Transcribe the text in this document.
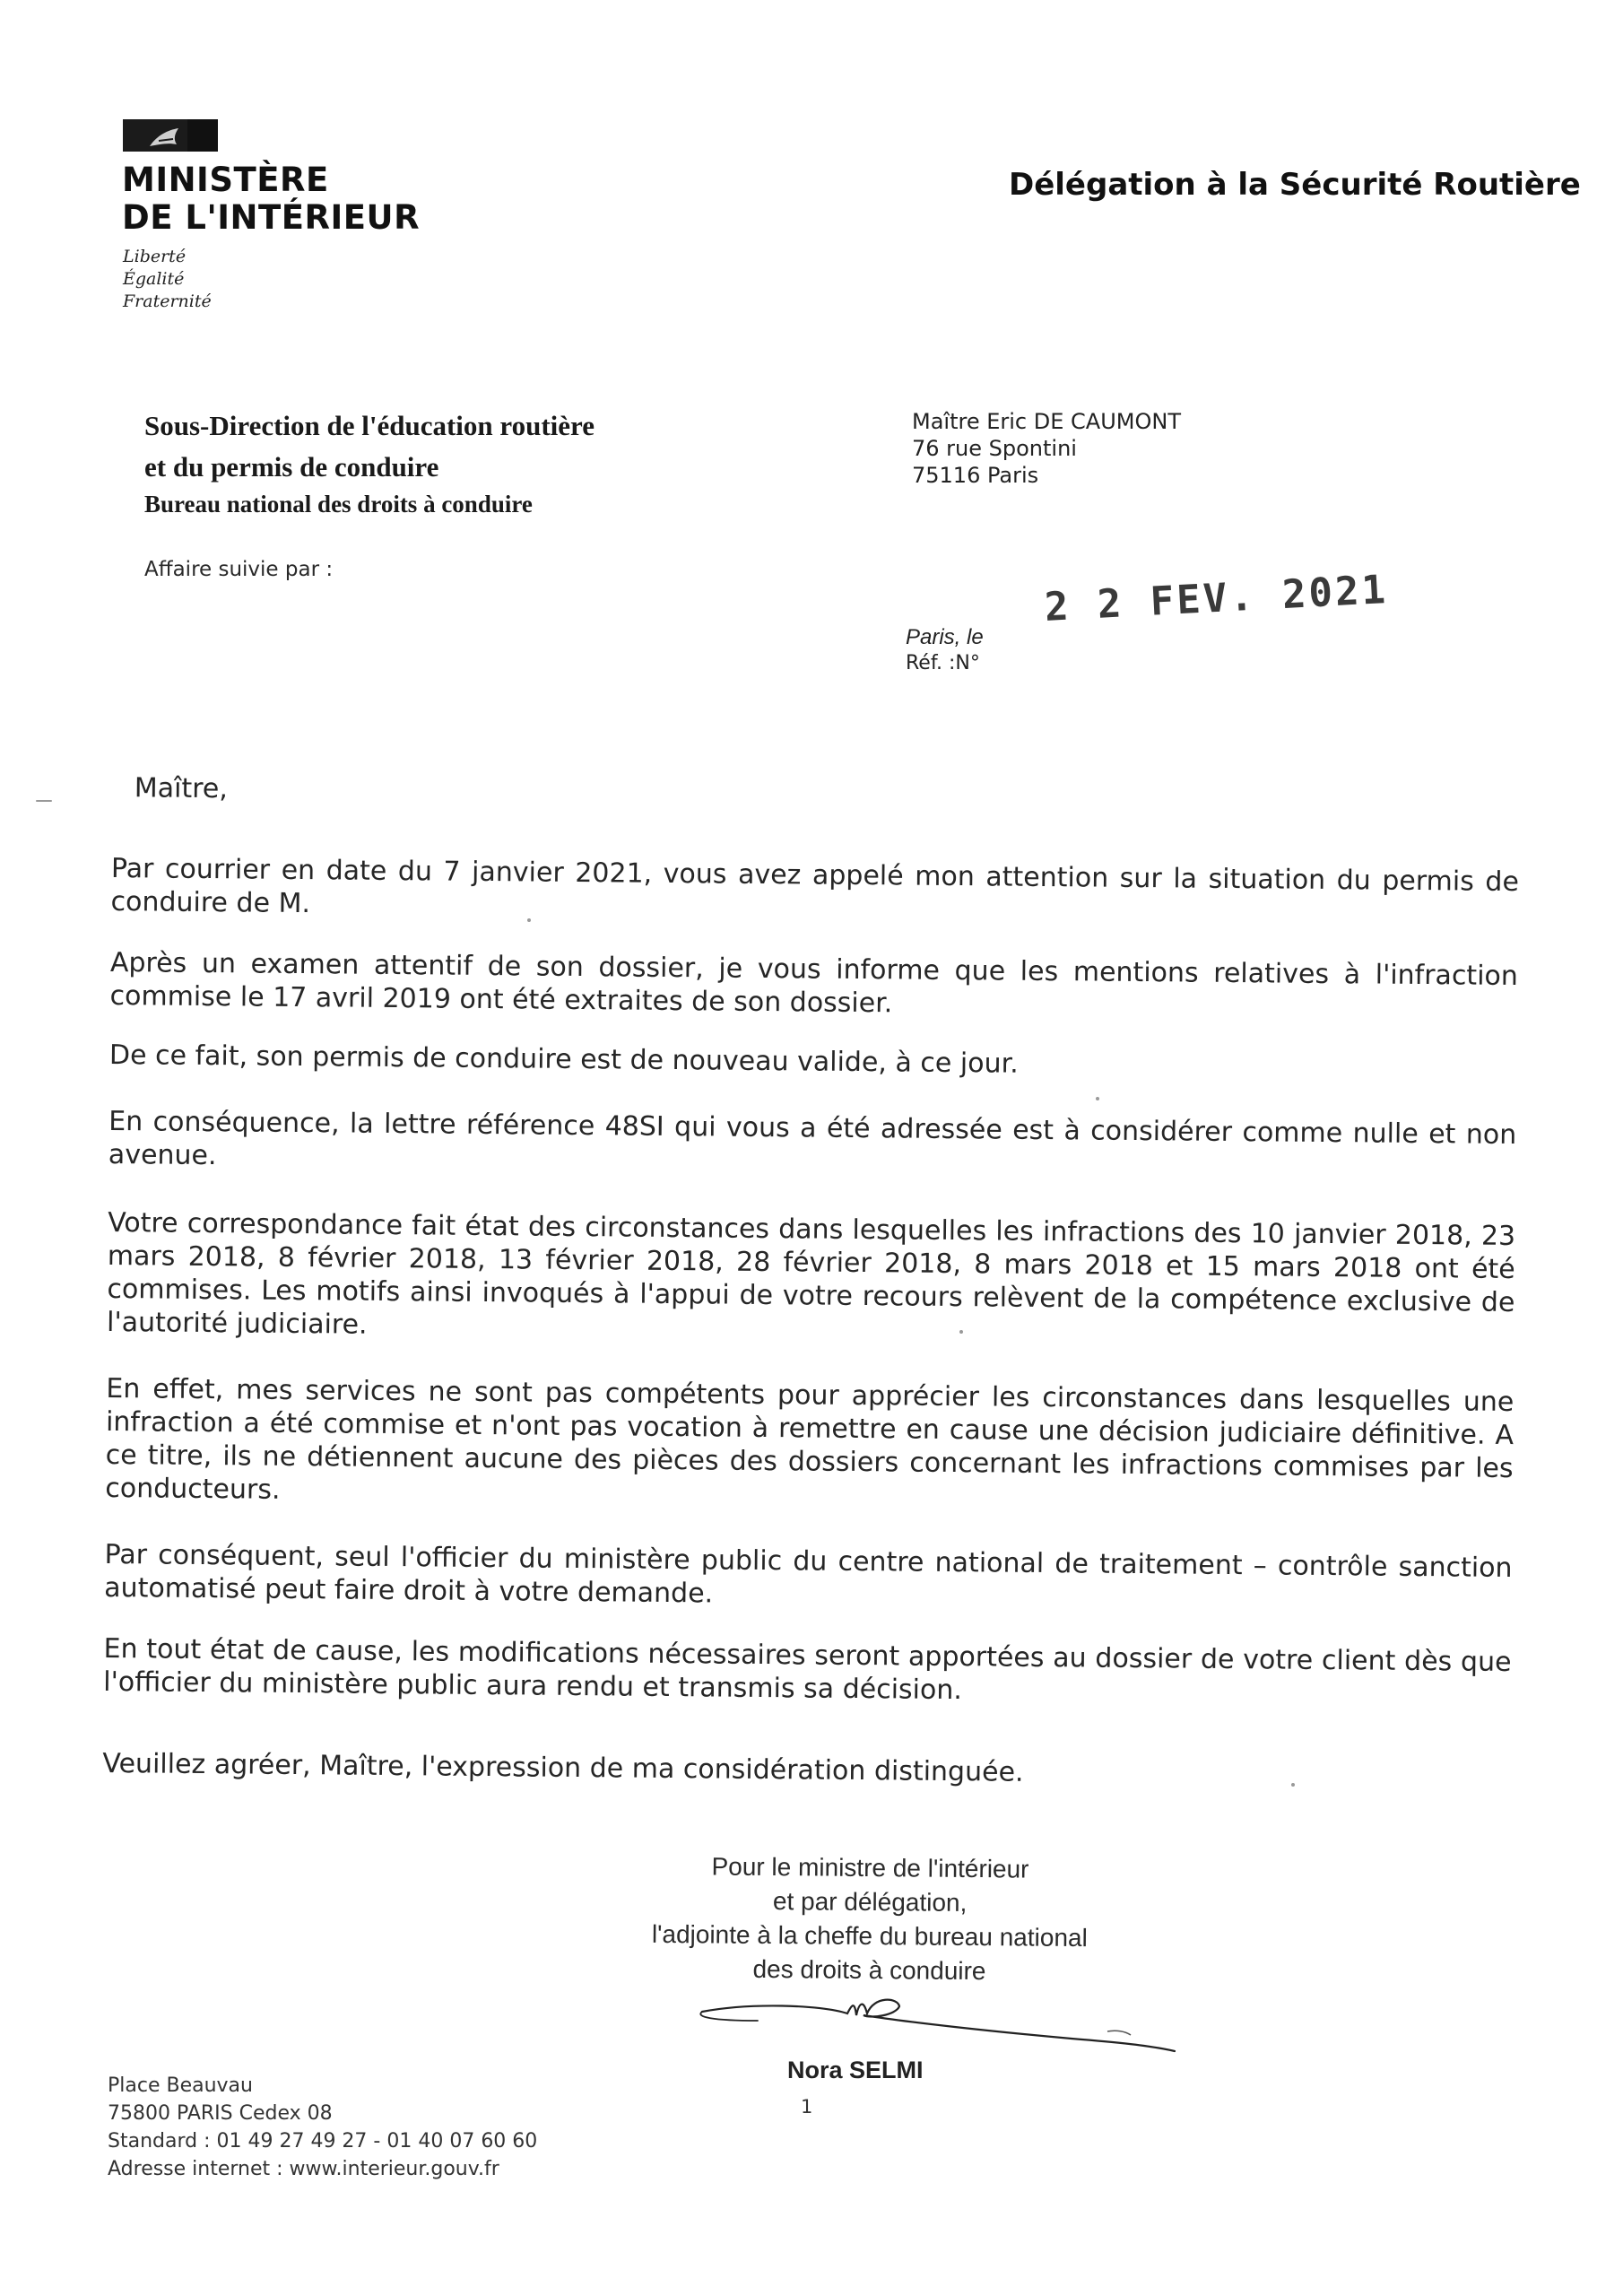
MINISTÈRE
DE L'INTÉRIEUR
Liberté
Égalité
Fraternité
Délégation à la Sécurité Routière
Sous-Direction de l'éducation routière
et du permis de conduire
Bureau national des droits à conduire
Affaire suivie par :
Maître Eric DE CAUMONT
76 rue Spontini
75116 Paris
Paris, le
2 2 FEV. 2021
Réf. :N°

Maître,

Par courrier en date du 7 janvier 2021, vous avez appelé mon attention sur la situation du permis de conduire de M.

Après un examen attentif de son dossier, je vous informe que les mentions relatives à l'infraction commise le 17 avril 2019 ont été extraites de son dossier.

De ce fait, son permis de conduire est de nouveau valide, à ce jour.

En conséquence, la lettre référence 48SI qui vous a été adressée est à considérer comme nulle et non avenue.

Votre correspondance fait état des circonstances dans lesquelles les infractions des 10 janvier 2018, 23 mars 2018, 8 février 2018, 13 février 2018, 28 février 2018, 8 mars 2018 et 15 mars 2018 ont été commises. Les motifs ainsi invoqués à l'appui de votre recours relèvent de la compétence exclusive de l'autorité judiciaire.

En effet, mes services ne sont pas compétents pour apprécier les circonstances dans lesquelles une infraction a été commise et n'ont pas vocation à remettre en cause une décision judiciaire définitive. A ce titre, ils ne détiennent aucune des pièces des dossiers concernant les infractions commises par les conducteurs.

Par conséquent, seul l'officier du ministère public du centre national de traitement – contrôle sanction automatisé peut faire droit à votre demande.

En tout état de cause, les modifications nécessaires seront apportées au dossier de votre client dès que l'officier du ministère public aura rendu et transmis sa décision.

Veuillez agréer, Maître, l'expression de ma considération distinguée.

Pour le ministre de l'intérieur
et par délégation,
l'adjointe à la cheffe du bureau national
des droits à conduire
Nora SELMI
1
Place Beauvau
75800 PARIS Cedex 08
Standard : 01 49 27 49 27 - 01 40 07 60 60
Adresse internet : www.interieur.gouv.fr
